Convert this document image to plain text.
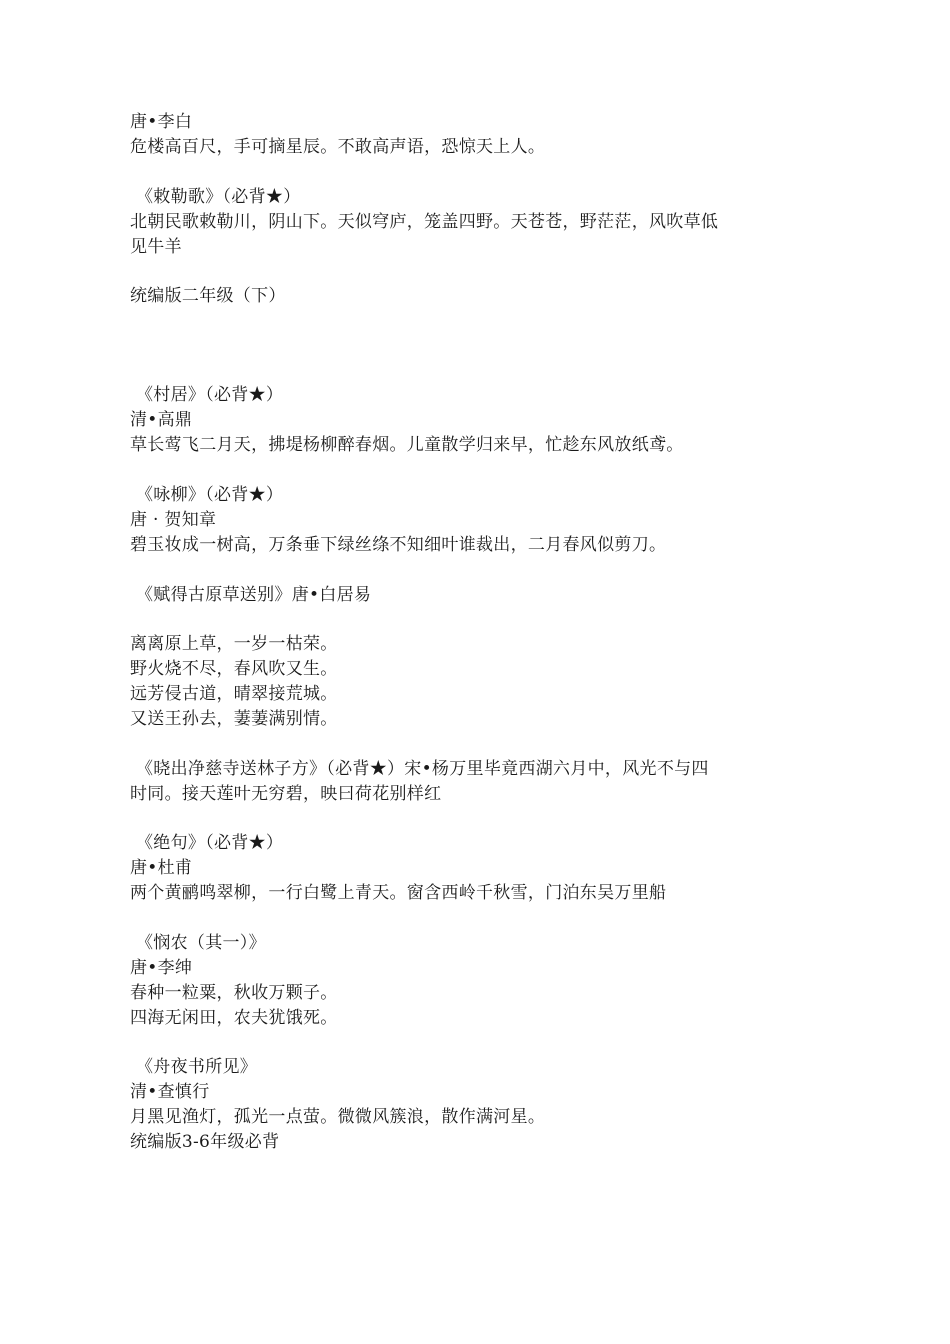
唐•李白
危楼高百尺，手可摘星辰。不敢高声语，恐惊天上人。
《敕勒歌》（必背★）
北朝民歌敕勒川，阴山下。天似穹庐，笼盖四野。天苍苍，野茫茫，风吹草低
见牛羊
统编版二年级（下）
《村居》（必背★）
清•高鼎
草长莺飞二月天，拂堤杨柳醉春烟。儿童散学归来早，忙趁东风放纸鸢。
《咏柳》（必背★）
唐 · 贺知章
碧玉妆成一树高，万条垂下绿丝绦不知细叶谁裁出，二月春风似剪刀。
《赋得古原草送别》唐•白居易
离离原上草，一岁一枯荣。
野火烧不尽，春风吹又生。
远芳侵古道，晴翠接荒城。
又送王孙去，萋萋满别情。
《晓出净慈寺送林子方》（必背★）宋•杨万里毕竟西湖六月中，风光不与四
时同。接天莲叶无穷碧，映曰荷花别样红
《绝句》（必背★）
唐•杜甫
两个黄鹂鸣翠柳，一行白鹭上青天。窗含西岭千秋雪，门泊东吴万里船
《悯农（其一）》
唐•李绅
春种一粒粟，秋收万颗子。
四海无闲田，农夫犹饿死。
《舟夜书所见》
清•查慎行
月黑见渔灯，孤光一点萤。微微风簇浪，散作满河星。
统编版3-6年级必背
